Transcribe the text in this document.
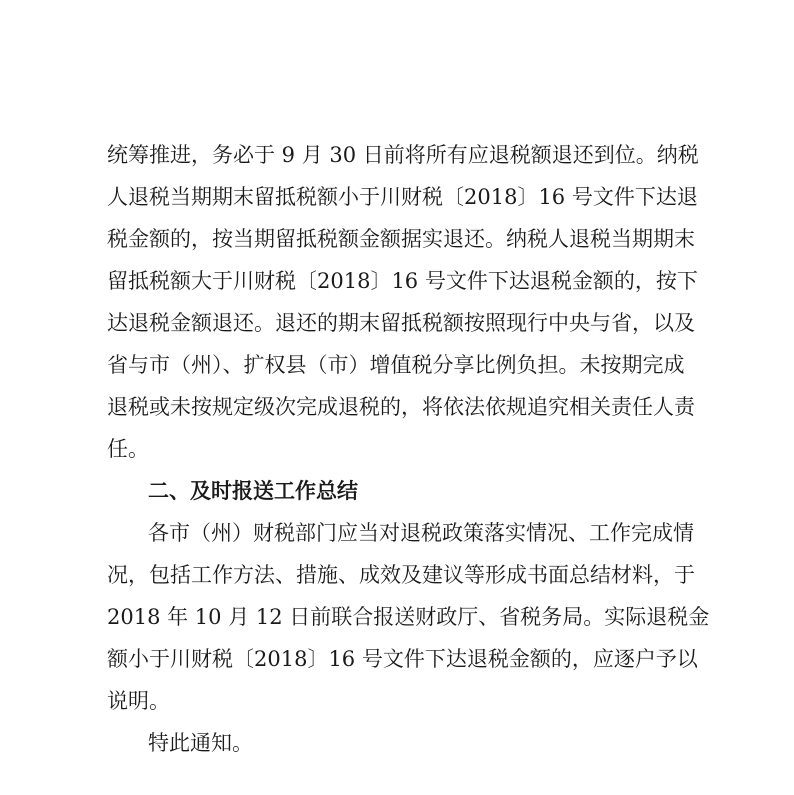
统筹推进，务必于 9 月 30 日前将所有应退税额退还到位。纳税
人退税当期期末留抵税额小于川财税〔2018〕16 号文件下达退
税金额的，按当期留抵税额金额据实退还。纳税人退税当期期末
留抵税额大于川财税〔2018〕16 号文件下达退税金额的，按下
达退税金额退还。退还的期末留抵税额按照现行中央与省，以及
省与市（州）、扩权县（市）增值税分享比例负担。未按期完成
退税或未按规定级次完成退税的，将依法依规追究相关责任人责
任。
二、及时报送工作总结
各市（州）财税部门应当对退税政策落实情况、工作完成情
况，包括工作方法、措施、成效及建议等形成书面总结材料，于
2018 年 10 月 12 日前联合报送财政厅、省税务局。实际退税金
额小于川财税〔2018〕16 号文件下达退税金额的，应逐户予以
说明。
特此通知。
